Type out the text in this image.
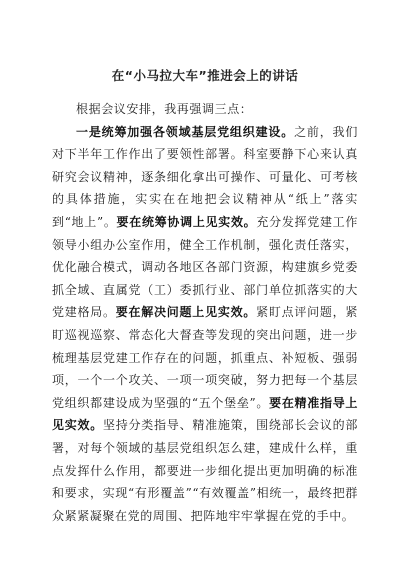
在“小马拉大车”推进会上的讲话

根据会议安排，我再强调三点：

一是统筹加强各领域基层党组织建设。之前，我们对下半年工作作出了要领性部署。科室要静下心来认真研究会议精神，逐条细化拿出可操作、可量化、可考核的具体措施，实实在在地把会议精神从“纸上”落实到“地上”。要在统筹协调上见实效。充分发挥党建工作领导小组办公室作用，健全工作机制，强化责任落实，优化融合模式，调动各地区各部门资源，构建旗乡党委抓全域、直属党（工）委抓行业、部门单位抓落实的大党建格局。要在解决问题上见实效。紧盯点评问题，紧盯巡视巡察、常态化大督查等发现的突出问题，进一步梳理基层党建工作存在的问题，抓重点、补短板、强弱项，一个一个攻关、一项一项突破，努力把每一个基层党组织都建设成为坚强的“五个堡垒”。要在精准指导上见实效。坚持分类指导、精准施策，围绕部长会议的部署，对每个领域的基层党组织怎么建，建成什么样，重点发挥什么作用，都要进一步细化提出更加明确的标准和要求，实现“有形覆盖”“有效覆盖”相统一，最终把群众紧紧凝聚在党的周围、把阵地牢牢掌握在党的手中。
